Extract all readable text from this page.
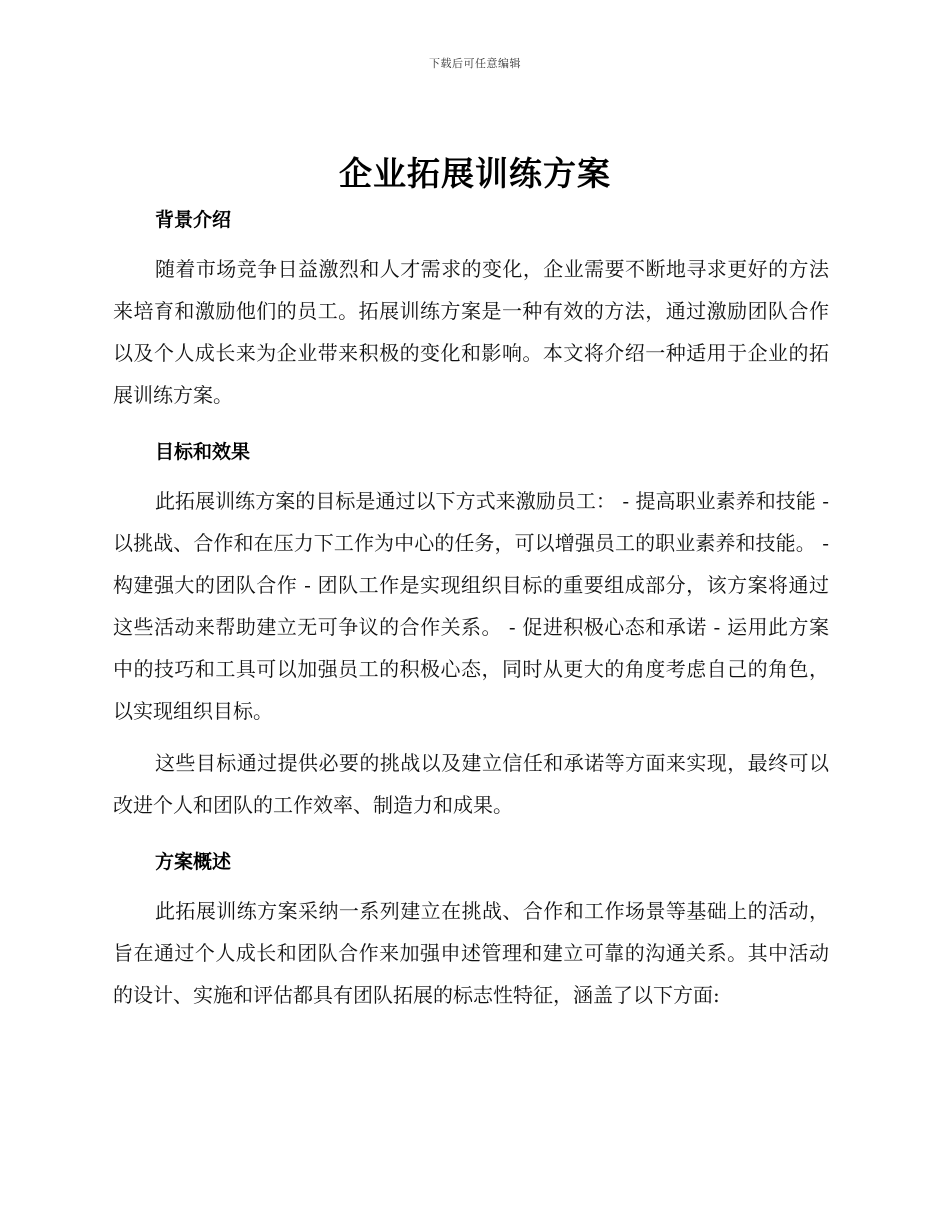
下载后可任意编辑
企业拓展训练方案
背景介绍

随着市场竞争日益激烈和人才需求的变化，企业需要不断地寻求更好的方法来培育和激励他们的员工。拓展训练方案是一种有效的方法，通过激励团队合作以及个人成长来为企业带来积极的变化和影响。本文将介绍一种适用于企业的拓展训练方案。

目标和效果

此拓展训练方案的目标是通过以下方式来激励员工： - 提高职业素养和技能 - 以挑战、合作和在压力下工作为中心的任务，可以增强员工的职业素养和技能。 - 构建强大的团队合作 - 团队工作是实现组织目标的重要组成部分，该方案将通过这些活动来帮助建立无可争议的合作关系。 - 促进积极心态和承诺 - 运用此方案中的技巧和工具可以加强员工的积极心态，同时从更大的角度考虑自己的角色，以实现组织目标。

这些目标通过提供必要的挑战以及建立信任和承诺等方面来实现，最终可以改进个人和团队的工作效率、制造力和成果。

方案概述

此拓展训练方案采纳一系列建立在挑战、合作和工作场景等基础上的活动，旨在通过个人成长和团队合作来加强申述管理和建立可靠的沟通关系。其中活动的设计、实施和评估都具有团队拓展的标志性特征，涵盖了以下方面:
